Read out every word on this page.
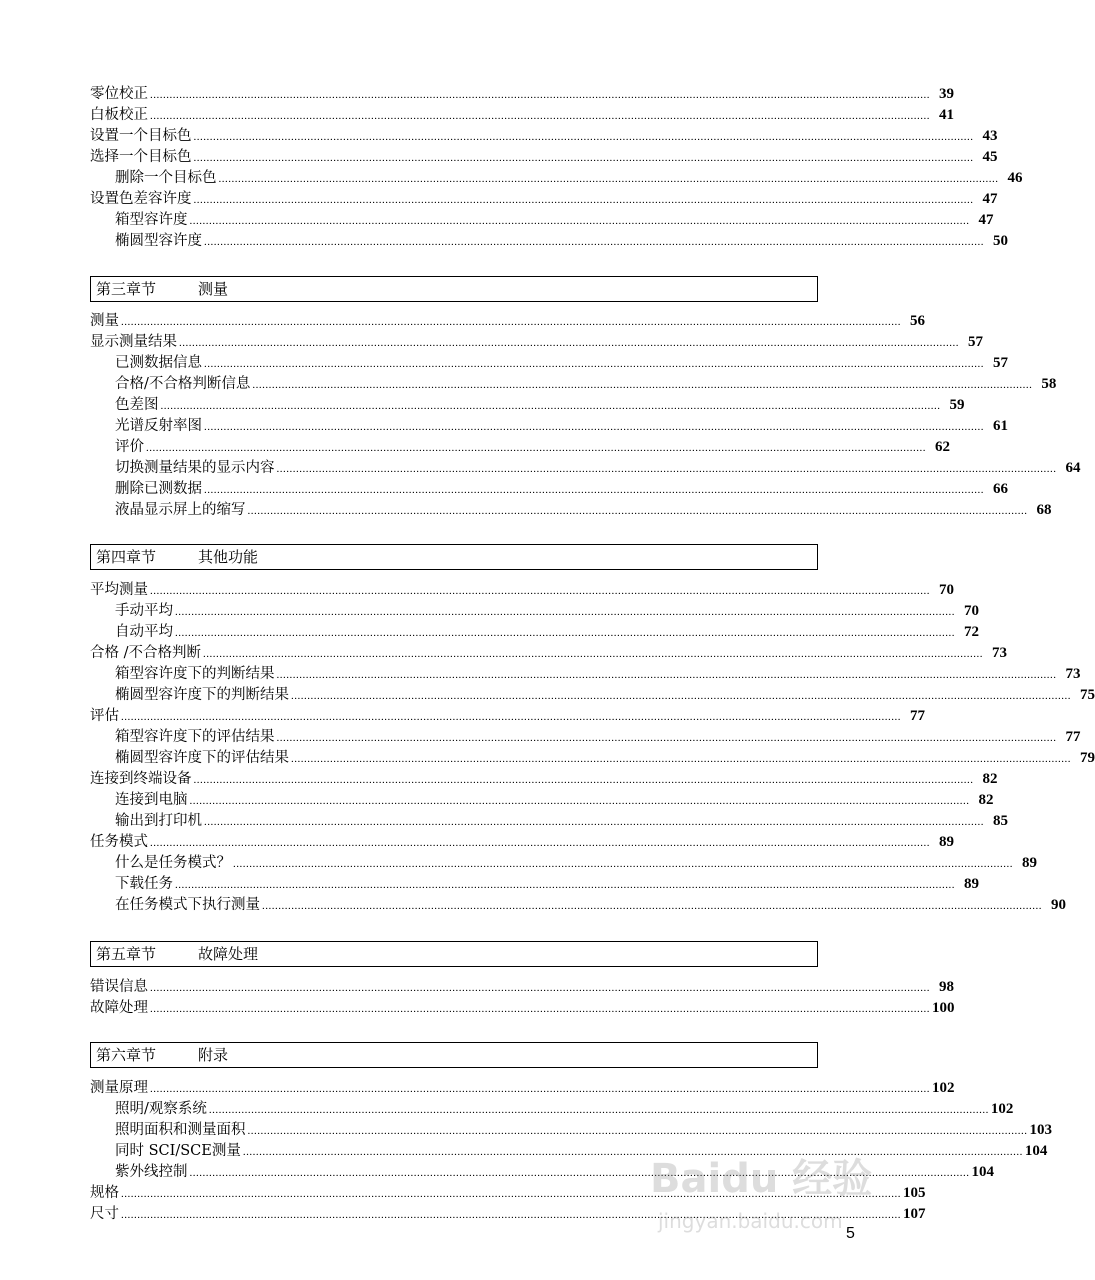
零位校正 .....	39
白板校正 .....	41
设置一个目标色 .....	43
选择一个目标色 .....	45
删除一个目标色 .....	46
设置色差容许度 .....	47
箱型容许度 .....	47
椭圆型容许度 .....	50
第三章节	测量
测量 .....	56
显示测量结果 .....	57
已测数据信息 .....	57
合格/不合格判断信息 .....	58
色差图 .....	59
光谱反射率图 .....	61
评价 .....	62
切换测量结果的显示内容 .....	64
删除已测数据 .....	66
液晶显示屏上的缩写 .....	68
第四章节	其他功能
平均测量 .....	70
手动平均 .....	70
自动平均 .....	72
合格 /不合格判断 .....	73
箱型容许度下的判断结果 .....	73
椭圆型容许度下的判断结果 .....	75
评估 .....	77
箱型容许度下的评估结果 .....	77
椭圆型容许度下的评估结果 .....	79
连接到终端设备 .....	82
连接到电脑 .....	82
输出到打印机 .....	85
任务模式 .....	89
什么是任务模式？ .....	89
下载任务 .....	89
在任务模式下执行测量 .....	90
第五章节	故障处理
错误信息 .....	98
故障处理 .....	100
第六章节	附录
测量原理 .....	102
照明/观察系统 .....	102
照明面积和测量面积 .....	103
同时 SCI/SCE测量 .....	104
紫外线控制 .....	104
规格 .....	105
尺寸 .....	107
5
Baidu 经验
jingyan.baidu.com
